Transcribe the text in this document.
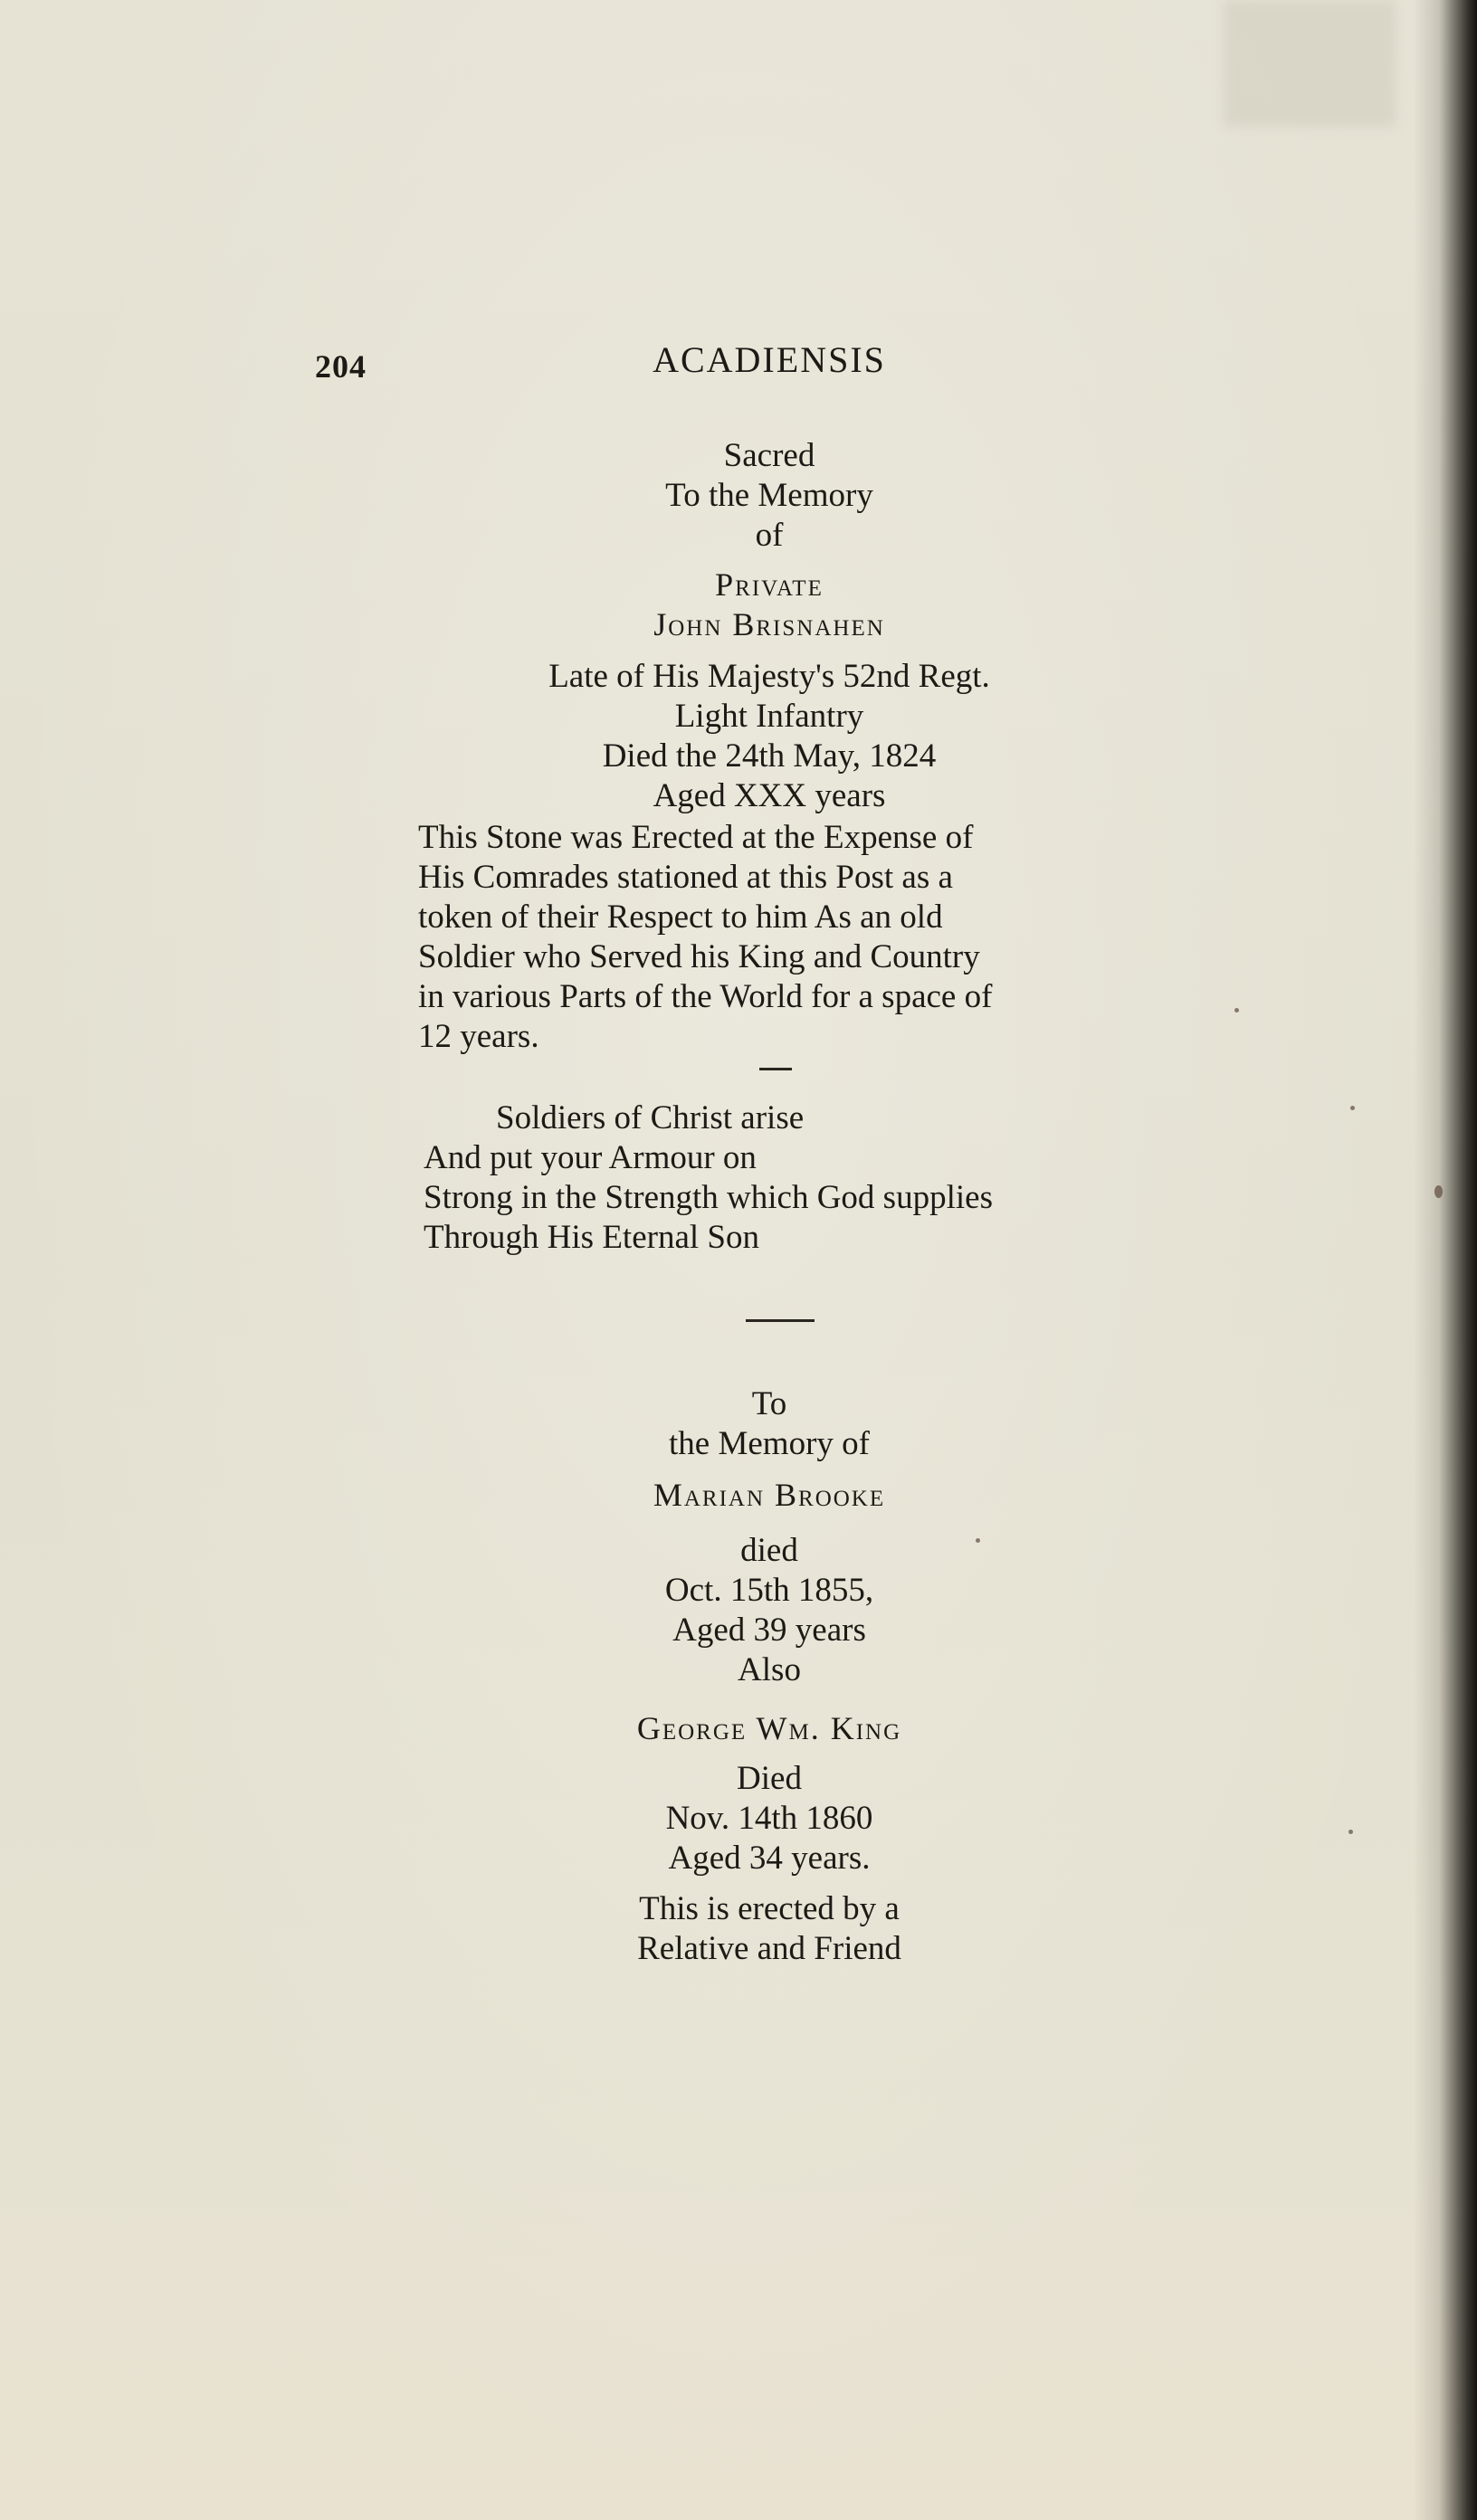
204	ACADIENSIS
Sacred
To the Memory
of
Private
John Brisnahen
Late of His Majesty's 52nd Regt.
Light Infantry
Died the 24th May, 1824
Aged XXX years
This Stone was Erected at the Expense of
His Comrades stationed at this Post as a
token of their Respect to him As an old
Soldier who Served his King and Country
in various Parts of the World for a space of
12 years.
Soldiers of Christ arise
And put your Armour on
Strong in the Strength which God supplies
Through His Eternal Son
To
the Memory of
Marian Brooke
died
Oct. 15th 1855,
Aged 39 years
Also
George Wm. King
Died
Nov. 14th 1860
Aged 34 years.
This is erected by a
Relative and Friend
